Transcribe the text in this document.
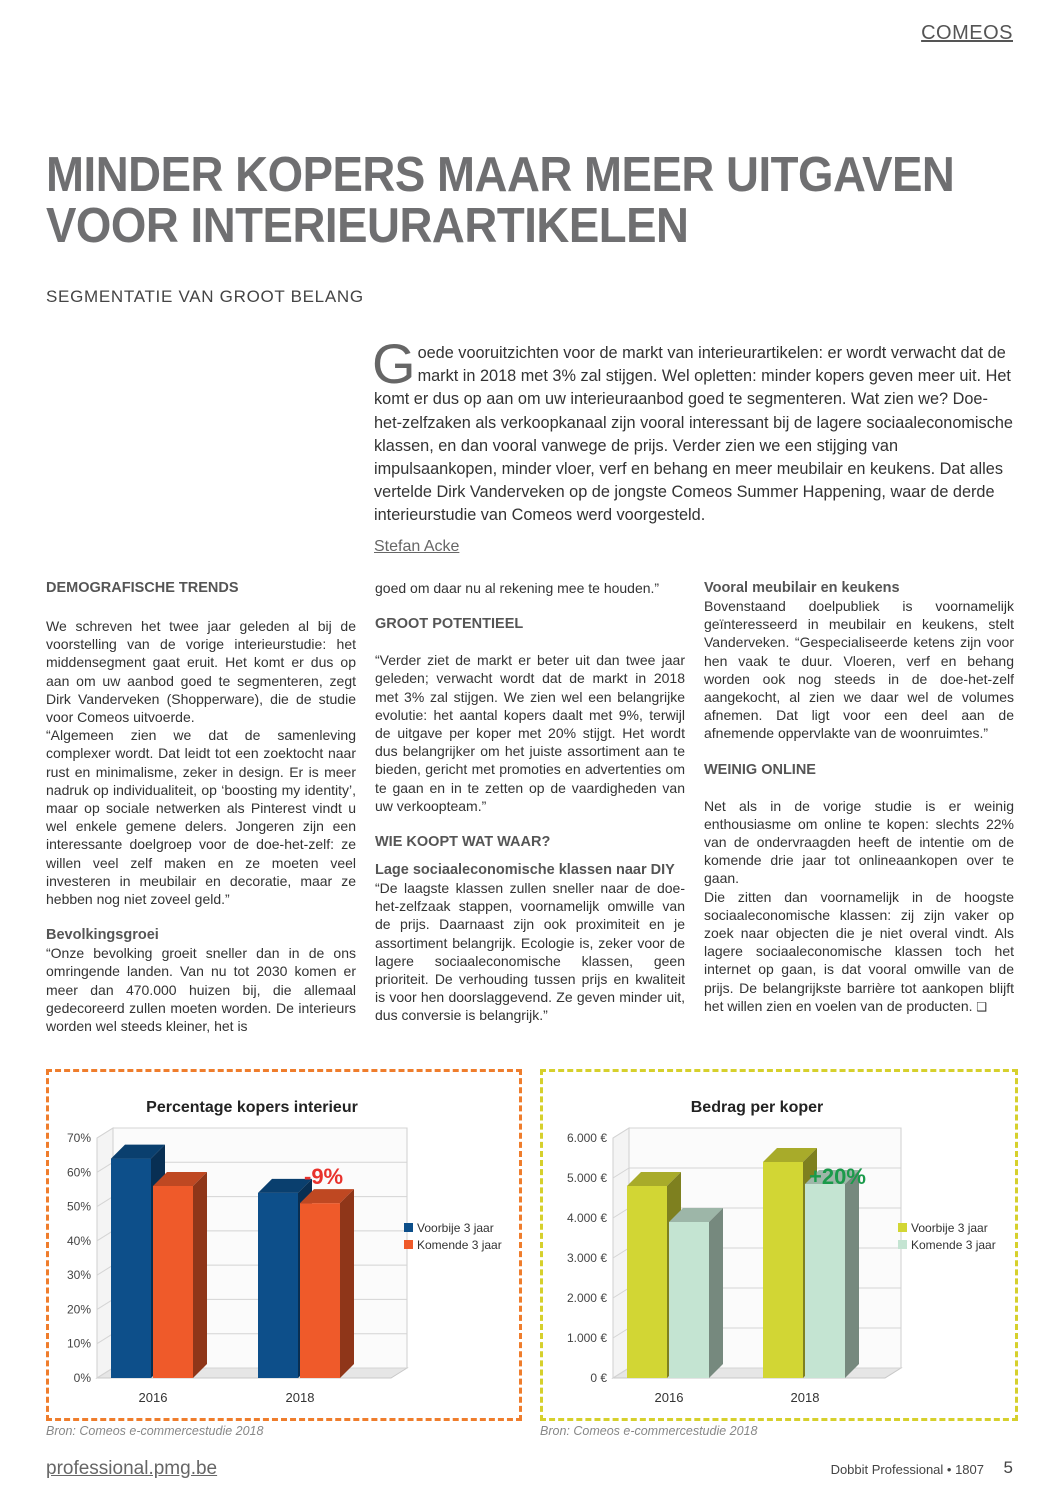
COMEOS
MINDER KOPERS MAAR MEER UITGAVEN
VOOR INTERIEURARTIKELEN
SEGMENTATIE VAN GROOT BELANG
Goede vooruitzichten voor de markt van interieurartikelen: er wordt verwacht dat de markt in 2018 met 3% zal stijgen. Wel opletten: minder kopers geven meer uit. Het komt er dus op aan om uw interieuraanbod goed te segmenteren. Wat zien we? Doe-het-zelfzaken als verkoopkanaal zijn vooral interessant bij de lagere sociaaleconomische klassen, en dan vooral vanwege de prijs. Verder zien we een stijging van impulsaankopen, minder vloer, verf en behang en meer meubilair en keukens. Dat alles vertelde Dirk Vanderveken op de jongste Comeos Summer Happening, waar de derde interieurstudie van Comeos werd voorgesteld.
Stefan Acke
DEMOGRAFISCHE TRENDS

We schreven het twee jaar geleden al bij de voorstelling van de vorige interieurstudie: het middensegment gaat eruit. Het komt er dus op aan om uw aanbod goed te segmenteren, zegt Dirk Vanderveken (Shopperware), die de studie voor Comeos uitvoerde.

“Algemeen zien we dat de samenleving complexer wordt. Dat leidt tot een zoektocht naar rust en minimalisme, zeker in design. Er is meer nadruk op individualiteit, op ‘boosting my identity’, maar op sociale netwerken als Pinterest vindt u wel enkele gemene delers. Jongeren zijn een interessante doelgroep voor de doe-het-zelf: ze willen veel zelf maken en ze moeten veel investeren in meubilair en decoratie, maar ze hebben nog niet zoveel geld.”

Bevolkingsgroei

“Onze bevolking groeit sneller dan in de ons omringende landen. Van nu tot 2030 komen er meer dan 470.000 huizen bij, die allemaal gedecoreerd zullen moeten worden. De interieurs worden wel steeds kleiner, het is

goed om daar nu al rekening mee te houden.”

GROOT POTENTIEEL

“Verder ziet de markt er beter uit dan twee jaar geleden; verwacht wordt dat de markt in 2018 met 3% zal stijgen. We zien wel een belangrijke evolutie: het aantal kopers daalt met 9%, terwijl de uitgave per koper met 20% stijgt. Het wordt dus belangrijker om het juiste assortiment aan te bieden, gericht met promoties en advertenties om te gaan en in te zetten op de vaardigheden van uw verkoopteam.”

WIE KOOPT WAT WAAR?
Lage sociaaleconomische klassen naar DIY

“De laagste klassen zullen sneller naar de doe-het-zelfzaak stappen, voornamelijk omwille van de prijs. Daarnaast zijn ook proximiteit en je assortiment belangrijk. Ecologie is, zeker voor de lagere sociaaleconomische klassen, geen prioriteit. De verhouding tussen prijs en kwaliteit is voor hen doorslaggevend. Ze geven minder uit, dus conversie is belangrijk.”

Vooral meubilair en keukens

Bovenstaand doelpubliek is voornamelijk geïnteresseerd in meubilair en keukens, stelt Vanderveken. “Gespecialiseerde ketens zijn voor hen vaak te duur. Vloeren, verf en behang worden ook nog steeds in de doe-het-zelf aangekocht, al zien we daar wel de volumes afnemen. Dat ligt voor een deel aan de afnemende oppervlakte van de woonruimtes.”

WEINIG ONLINE

Net als in de vorige studie is er weinig enthousiasme om online te kopen: slechts 22% van de ondervraagden heeft de intentie om de komende drie jaar tot onlineaankopen over te gaan.

Die zitten dan voornamelijk in de hoogste sociaaleconomische klassen: zij zijn vaker op zoek naar objecten die je niet overal vindt. Als lagere sociaaleconomische klassen toch het internet op gaan, is dat vooral omwille van de prijs. De belangrijkste barrière tot aankopen blijft het willen zien en voelen van de producten. ❑

Percentage kopers interieur
0%
10%
20%
30%
40%
50%
60%
70%
2016	2018
-9%
Voorbije 3 jaar
Komende 3 jaar
Bedrag per koper
0 €
1.000 €
2.000 €
3.000 €
4.000 €
5.000 €
6.000 €
2016	2018
+20%
Voorbije 3 jaar
Komende 3 jaar
Bron: Comeos e-commercestudie 2018	Bron: Comeos e-commercestudie 2018
professional.pmg.be	Dobbit Professional • 1807 5
